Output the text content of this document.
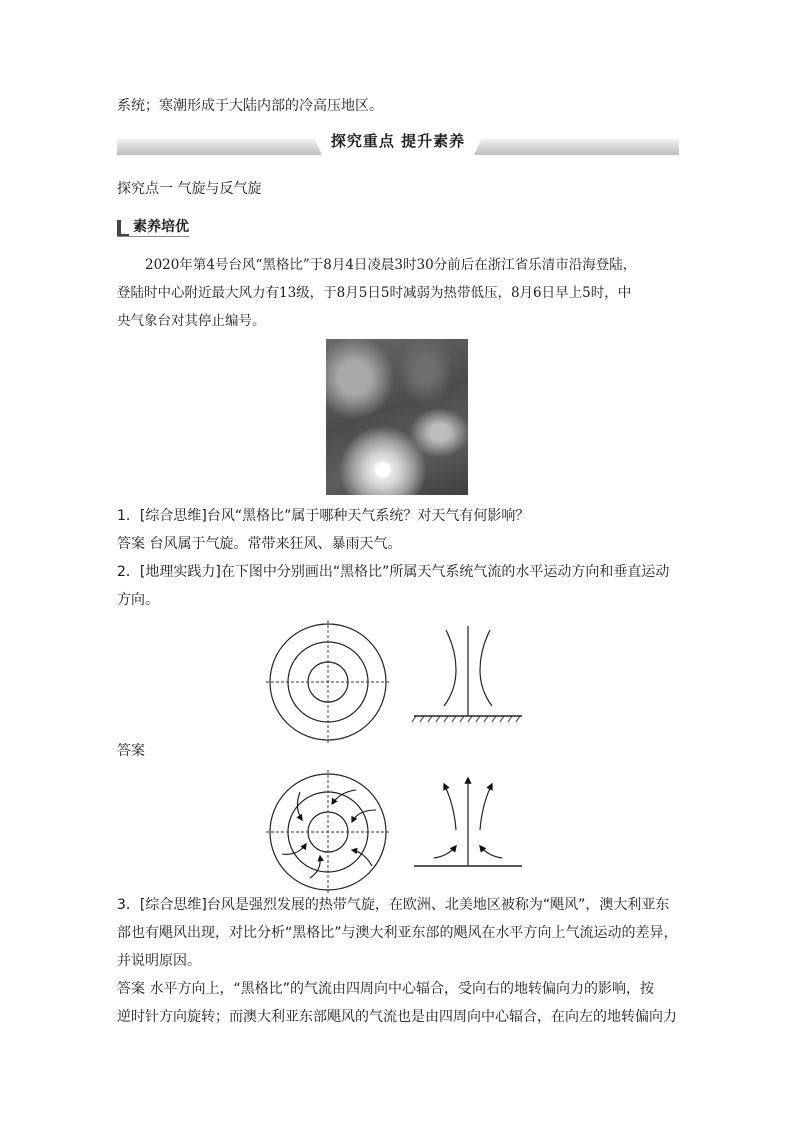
系统；寒潮形成于大陆内部的冷高压地区。
探究重点 提升素养
探究点一 气旋与反气旋
素养培优
2020年第4号台风“黑格比”于8月4日凌晨3时30分前后在浙江省乐清市沿海登陆，
登陆时中心附近最大风力有13级，于8月5日5时减弱为热带低压，8月6日早上5时，中
央气象台对其停止编号。
1．[综合思维]台风“黑格比”属于哪种天气系统？对天气有何影响？
答案 台风属于气旋。常带来狂风、暴雨天气。
2．[地理实践力]在下图中分别画出“黑格比”所属天气系统气流的水平运动方向和垂直运动
方向。
答案
3．[综合思维]台风是强烈发展的热带气旋，在欧洲、北美地区被称为“飓风”，澳大利亚东
部也有飓风出现，对比分析“黑格比”与澳大利亚东部的飓风在水平方向上气流运动的差异，
并说明原因。
答案 水平方向上，“黑格比”的气流由四周向中心辐合，受向右的地转偏向力的影响，按
逆时针方向旋转；而澳大利亚东部飓风的气流也是由四周向中心辐合，在向左的地转偏向力
